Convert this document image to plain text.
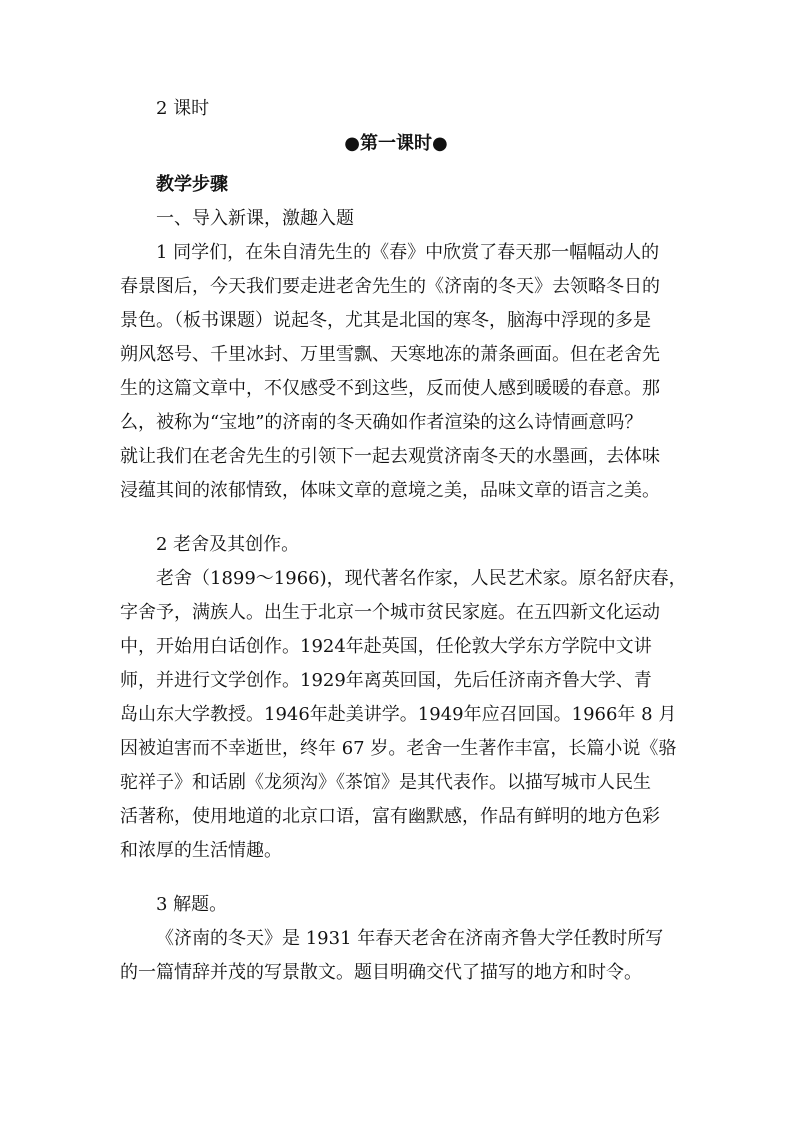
2 课时
●第一课时●
教学步骤
一、导入新课，激趣入题
1 同学们，在朱自清先生的《春》中欣赏了春天那一幅幅动人的
春景图后，今天我们要走进老舍先生的《济南的冬天》去领略冬日的
景色。（板书课题）说起冬，尤其是北国的寒冬，脑海中浮现的多是
朔风怒号、千里冰封、万里雪飘、天寒地冻的萧条画面。但在老舍先
生的这篇文章中，不仅感受不到这些，反而使人感到暖暖的春意。那
么，被称为“宝地”的济南的冬天确如作者渲染的这么诗情画意吗？
就让我们在老舍先生的引领下一起去观赏济南冬天的水墨画，去体味
浸蕴其间的浓郁情致，体味文章的意境之美，品味文章的语言之美。
2 老舍及其创作。
老舍（1899～1966)，现代著名作家，人民艺术家。原名舒庆春，
字舍予，满族人。出生于北京一个城市贫民家庭。在五四新文化运动
中，开始用白话创作。1924年赴英国，任伦敦大学东方学院中文讲
师，并进行文学创作。1929年离英回国，先后任济南齐鲁大学、青
岛山东大学教授。1946年赴美讲学。1949年应召回国。1966年 8 月
因被迫害而不幸逝世，终年 67 岁。老舍一生著作丰富，长篇小说《骆
驼祥子》和话剧《龙须沟》《茶馆》是其代表作。以描写城市人民生
活著称，使用地道的北京口语，富有幽默感，作品有鲜明的地方色彩
和浓厚的生活情趣。
3 解题。
《济南的冬天》是 1931 年春天老舍在济南齐鲁大学任教时所写
的一篇情辞并茂的写景散文。题目明确交代了描写的地方和时令。
